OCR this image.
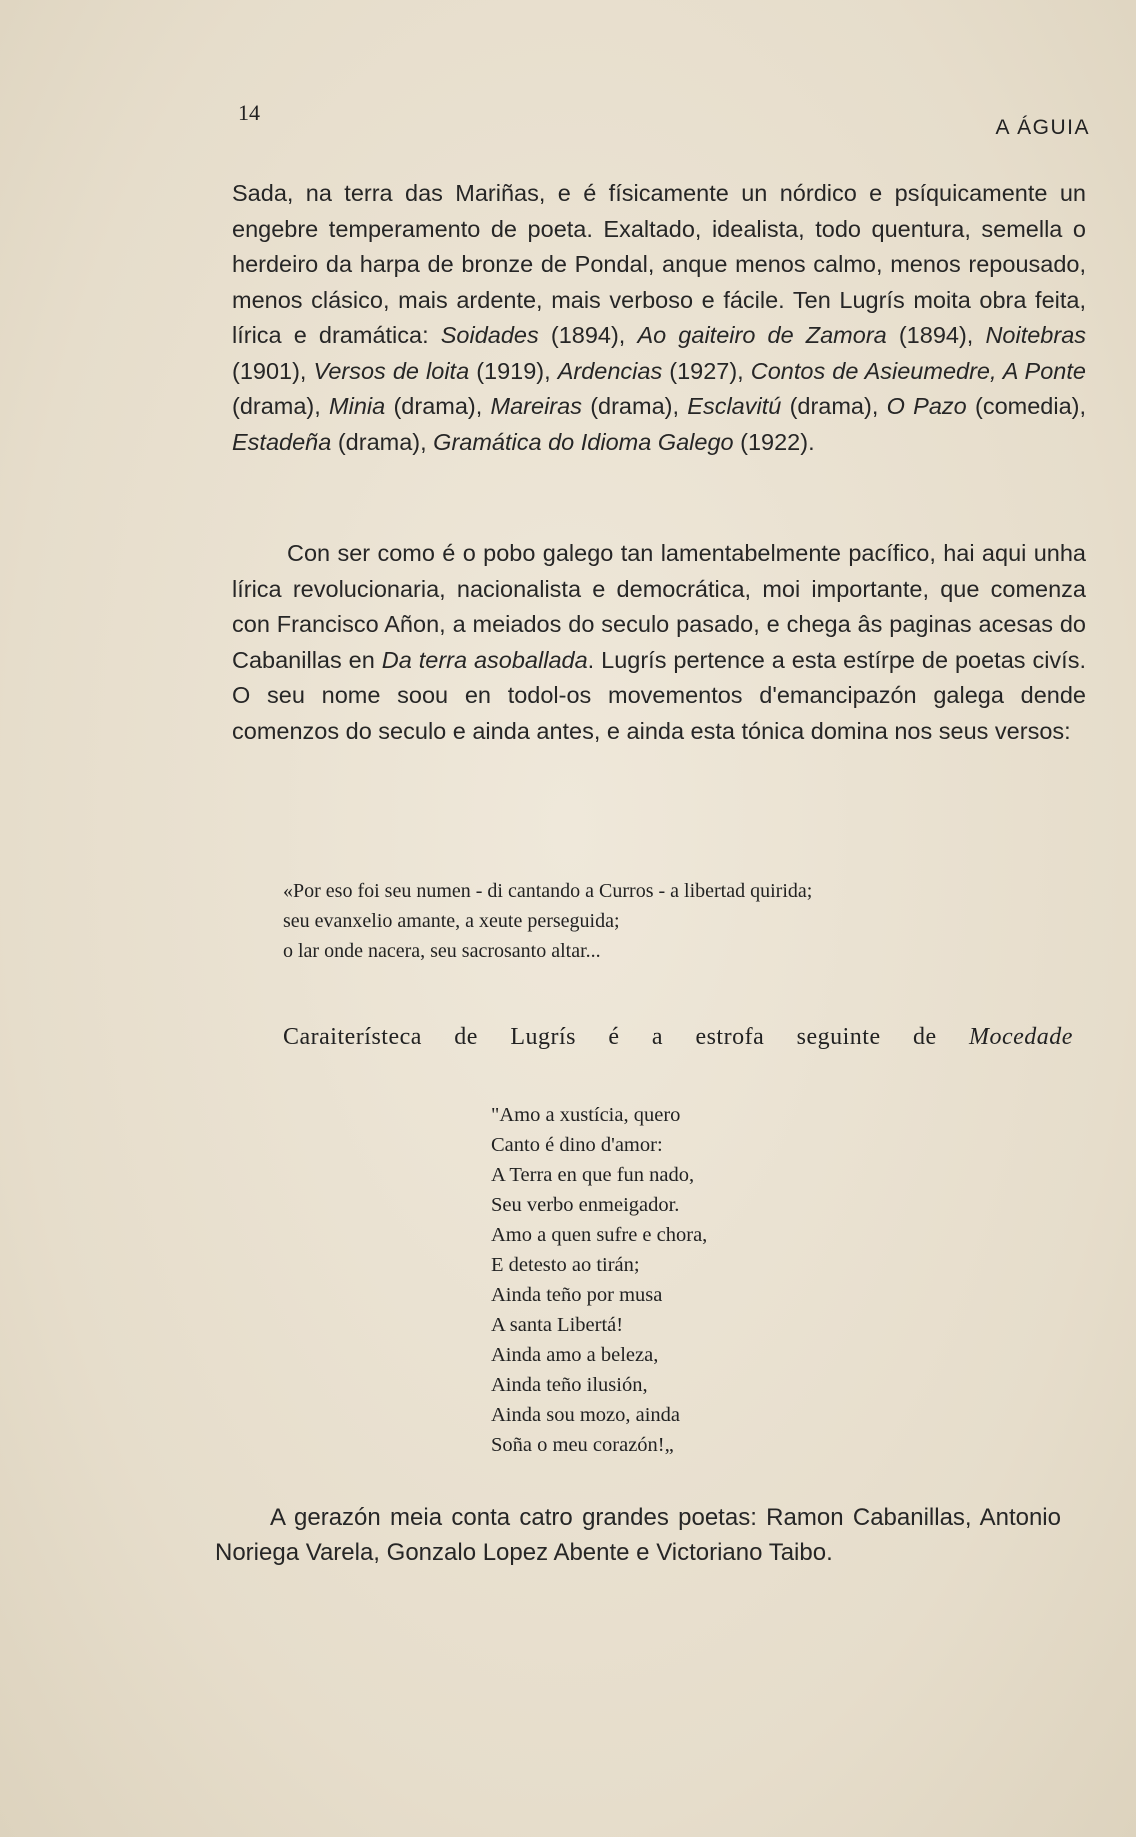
14
A ÁGUIA

Sada, na terra das Mariñas, e é físicamente un nórdico e psíquicamente un engebre temperamento de poeta. Exaltado, idealista, todo quentura, semella o herdeiro da harpa de bronze de Pondal, anque menos calmo, menos repousado, menos clásico, mais ardente, mais verboso e fácile. Ten Lugrís moita obra feita, lírica e dramática: Soidades (1894), Ao gaiteiro de Zamora (1894), Noitebras (1901), Versos de loita (1919), Ardencias (1927), Contos de Asieumedre, A Ponte (drama), Minia (drama), Mareiras (drama), Esclavitú (drama), O Pazo (comedia), Estadeña (drama), Gramática do Idioma Galego (1922).

Con ser como é o pobo galego tan lamentabelmente pacífico, hai aqui unha lírica revolucionaria, nacionalista e democrática, moi importante, que comenza con Francisco Añon, a meiados do seculo pasado, e chega âs paginas acesas do Cabanillas en Da terra asoballada. Lugrís pertence a esta estírpe de poetas civís. O seu nome soou en todol-os movementos d'emancipazón galega dende comenzos do seculo e ainda antes, e ainda esta tónica domina nos seus versos:

«Por eso foi seu numen - di cantando a Curros - a libertad quirida;
seu evanxelio amante, a xeute perseguida;
o lar onde nacera, seu sacrosanto altar...
Caraiterísteca de Lugrís é a estrofa seguinte de Mocedade
"Amo a xustícia, quero
Canto é dino d'amor:
A Terra en que fun nado,
Seu verbo enmeigador.
Amo a quen sufre e chora,
E detesto ao tirán;
Ainda teño por musa
A santa Libertá!
Ainda amo a beleza,
Ainda teño ilusión,
Ainda sou mozo, ainda
Soña o meu corazón!„

A gerazón meia conta catro grandes poetas: Ramon Cabanillas, Antonio Noriega Varela, Gonzalo Lopez Abente e Victoriano Taibo.
